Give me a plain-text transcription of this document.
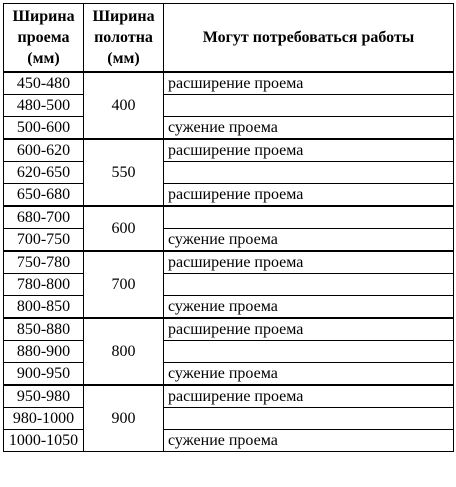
Ширина
проема
(мм)	Ширина
полотна
(мм)	Могут потребоваться работы
450-480	400	расширение проема
480-500		
500-600		сужение проема
600-620	550	расширение проема
620-650		
650-680		расширение проема
680-700	600	
700-750		сужение проема
750-780	700	расширение проема
780-800		
800-850		сужение проема
850-880	800	расширение проема
880-900		
900-950		сужение проема
950-980	900	расширение проема
980-1000		
1000-1050		сужение проема
